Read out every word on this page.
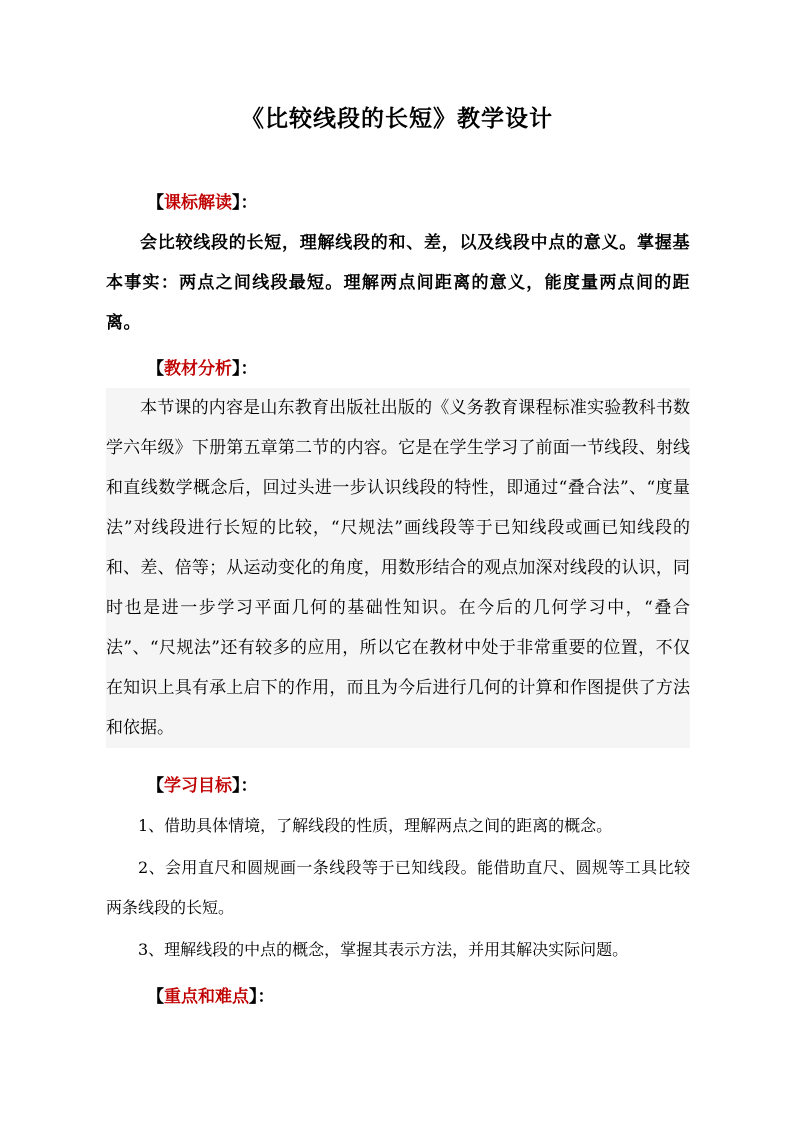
《比较线段的长短》教学设计
【课标解读】：

会比较线段的长短，理解线段的和、差，以及线段中点的意义。掌握基本事实：两点之间线段最短。理解两点间距离的意义，能度量两点间的距离。

【教材分析】：

本节课的内容是山东教育出版社出版的《义务教育课程标准实验教科书数学六年级》下册第五章第二节的内容。它是在学生学习了前面一节线段、射线和直线数学概念后，回过头进一步认识线段的特性，即通过“叠合法”、“度量法”对线段进行长短的比较，“尺规法”画线段等于已知线段或画已知线段的和、差、倍等；从运动变化的角度，用数形结合的观点加深对线段的认识，同时也是进一步学习平面几何的基础性知识。在今后的几何学习中，“叠合法”、“尺规法”还有较多的应用，所以它在教材中处于非常重要的位置，不仅在知识上具有承上启下的作用，而且为今后进行几何的计算和作图提供了方法和依据。

【学习目标】：
1、借助具体情境，了解线段的性质，理解两点之间的距离的概念。
2、会用直尺和圆规画一条线段等于已知线段。能借助直尺、圆规等工具比较两条线段的长短。
3、理解线段的中点的概念，掌握其表示方法，并用其解决实际问题。
【重点和难点】：
